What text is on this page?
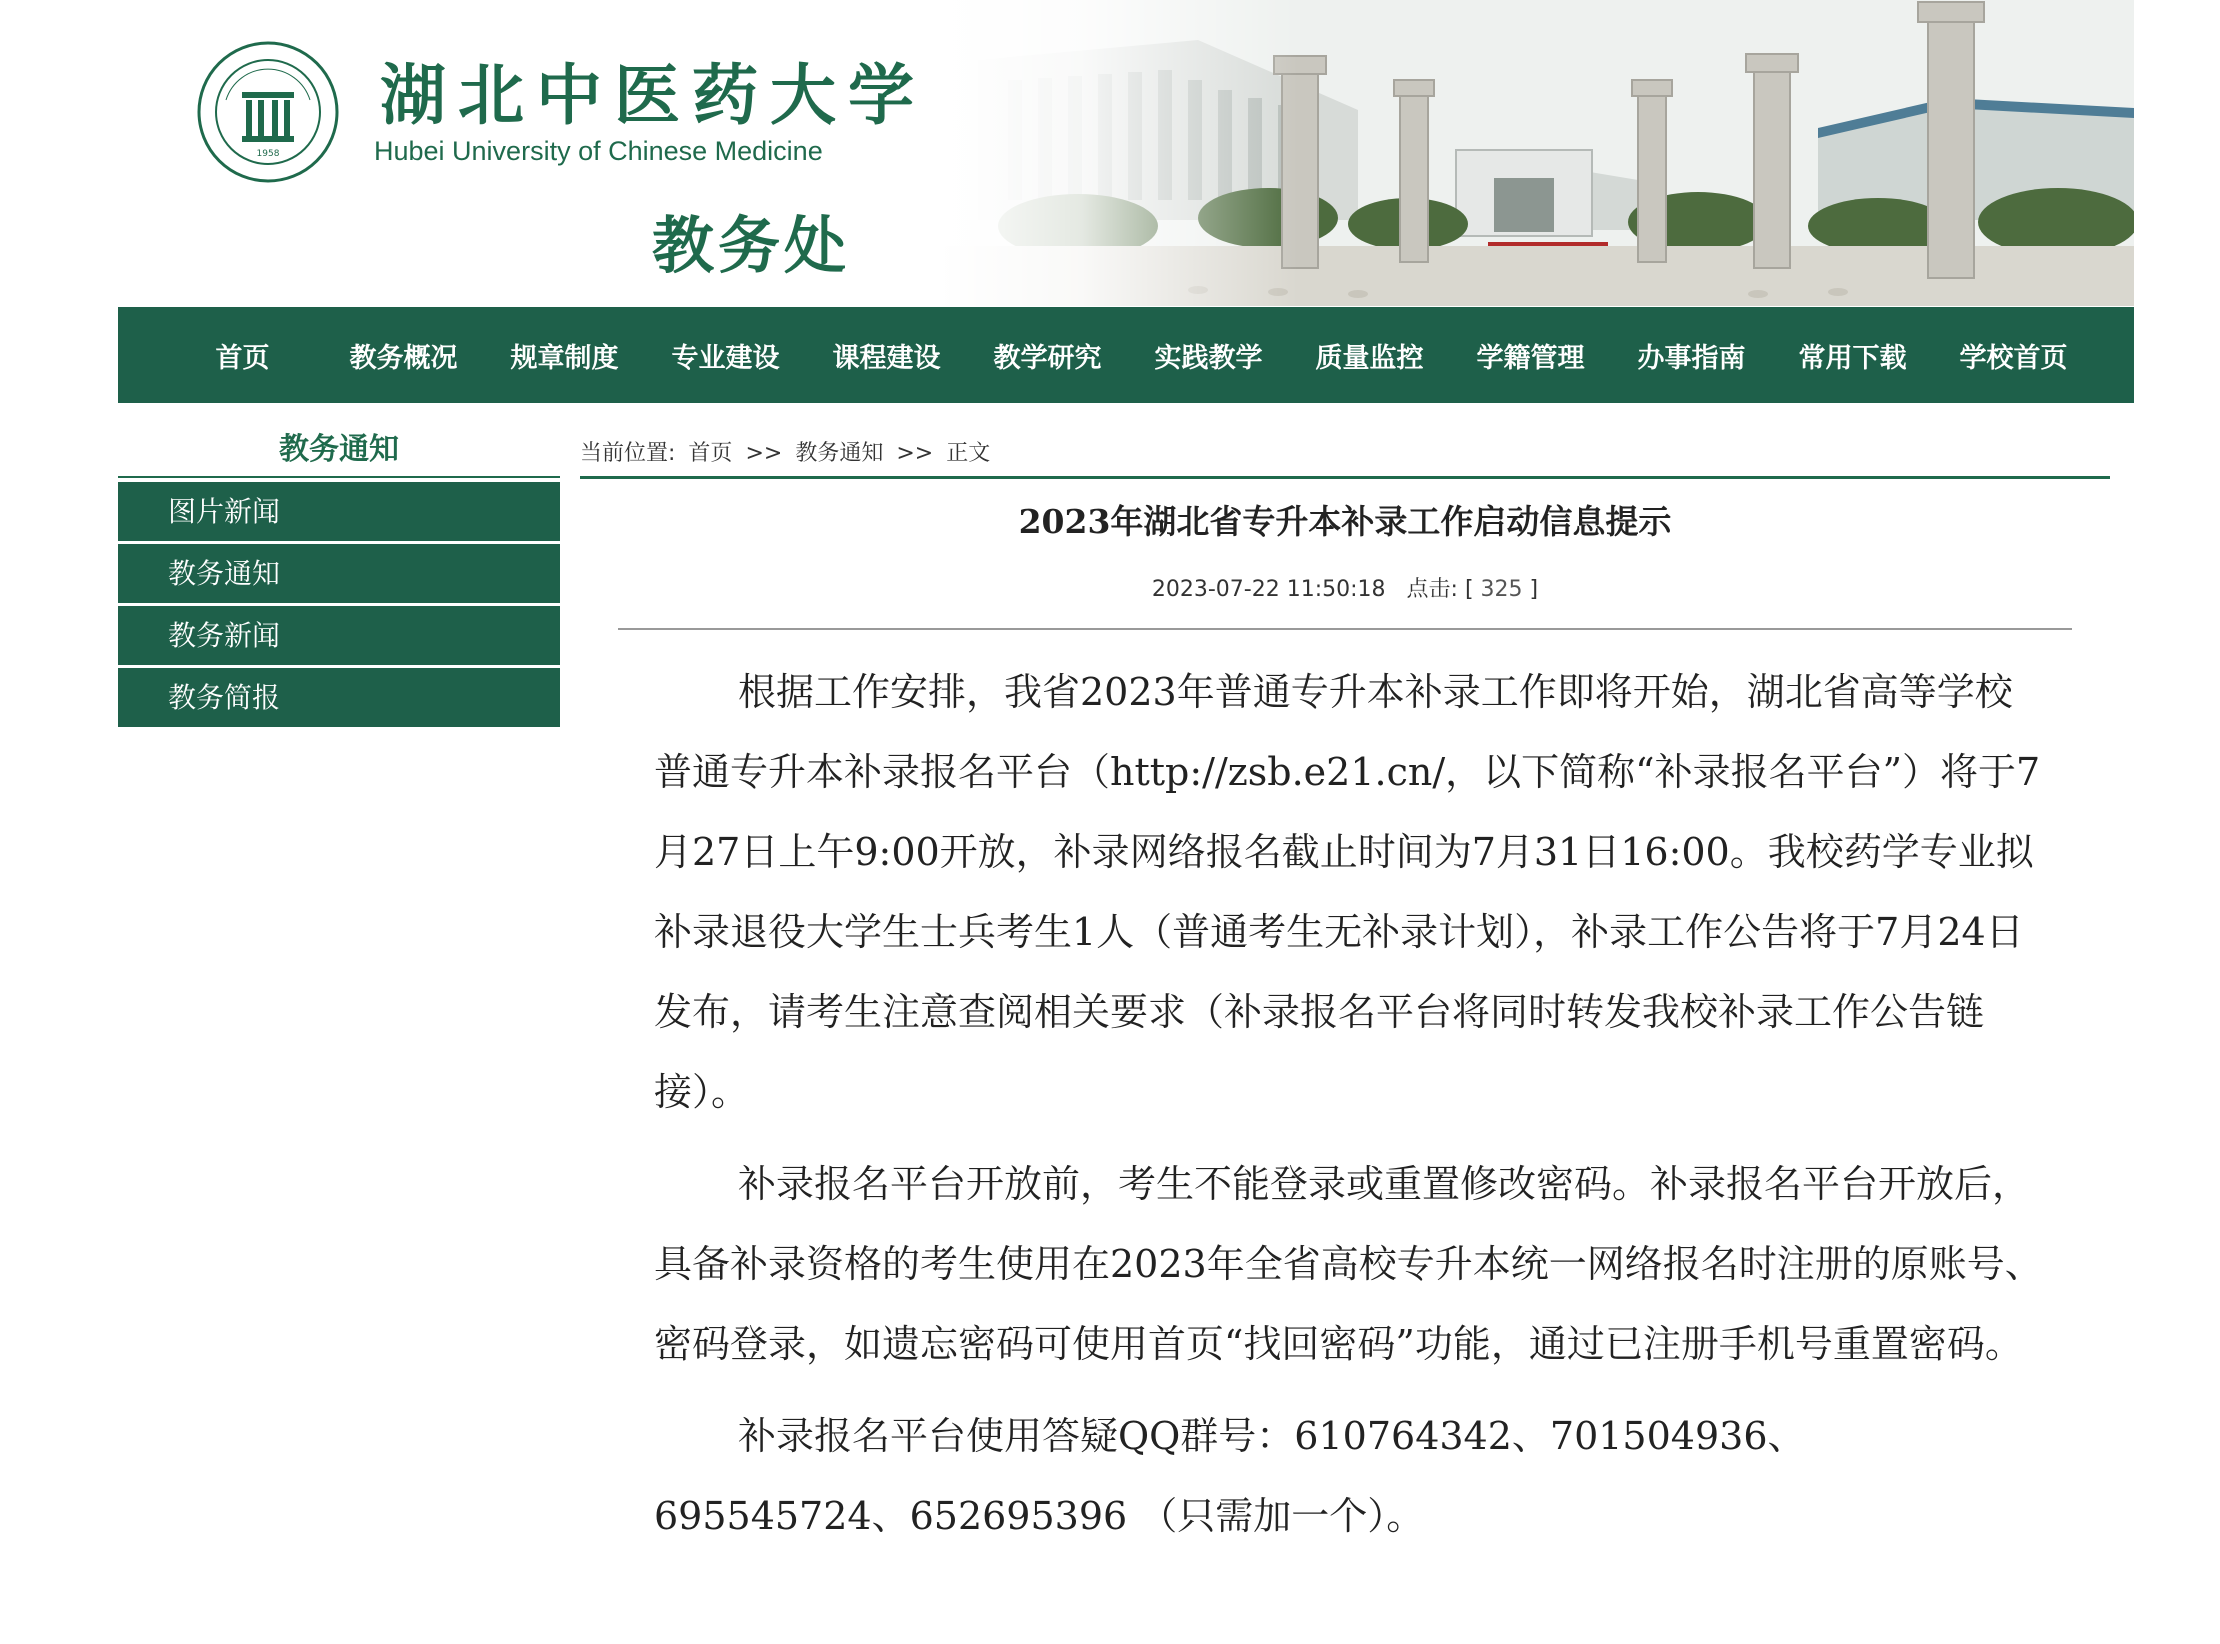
1958
湖北中医药大学
Hubei University of Chinese Medicine
教务处
首页	教务概况	规章制度	专业建设	课程建设	教学研究	实践教学	质量监控	学籍管理	办事指南	常用下载	学校首页
教务通知
图片新闻
教务通知
教务新闻
教务简报
当前位置: 首页 >> 教务通知 >> 正文
2023年湖北省专升本补录工作启动信息提示
2023-07-22 11:50:18 点击: [ 325 ]

根据工作安排，我省2023年普通专升本补录工作即将开始，湖北省高等学校普通专升本补录报名平台（http://zsb.e21.cn/，以下简称“补录报名平台”）将于7月27日上午9:00开放，补录网络报名截止时间为7月31日16:00。我校药学专业拟补录退役大学生士兵考生1人（普通考生无补录计划），补录工作公告将于7月24日发布，请考生注意查阅相关要求（补录报名平台将同时转发我校补录工作公告链接）。

补录报名平台开放前，考生不能登录或重置修改密码。补录报名平台开放后，具备补录资格的考生使用在2023年全省高校专升本统一网络报名时注册的原账号、密码登录，如遗忘密码可使用首页“找回密码”功能，通过已注册手机号重置密码。

补录报名平台使用答疑QQ群号：610764342、701504936、695545724、652695396 （只需加一个）。
